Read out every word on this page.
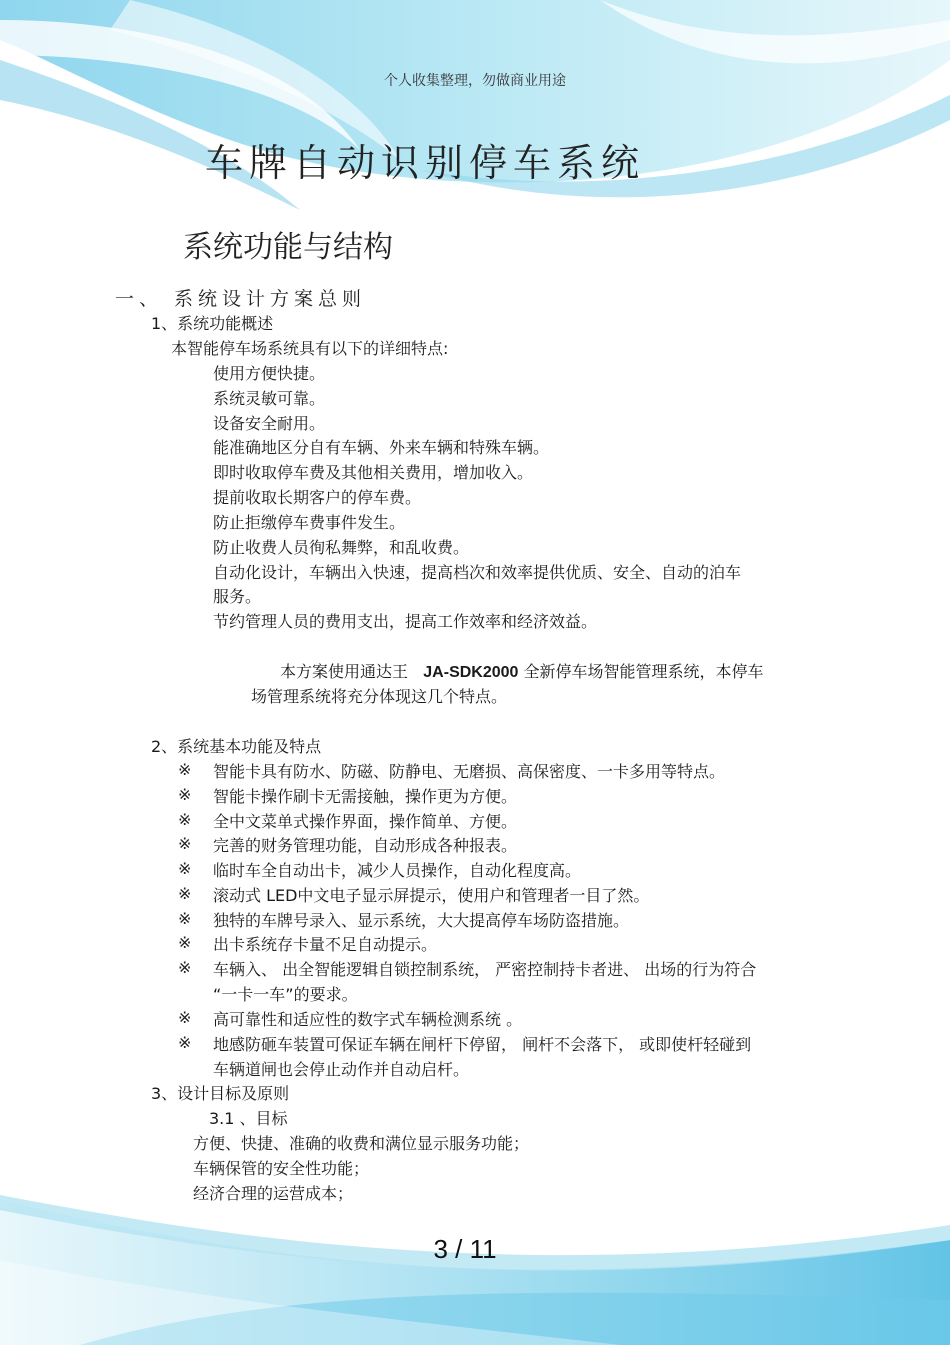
个人收集整理，勿做商业用途
车牌自动识别停车系统
系统功能与结构
一、 系统设计方案总则
1、系统功能概述
本智能停车场系统具有以下的详细特点:
使用方便快捷。
系统灵敏可靠。
设备安全耐用。
能准确地区分自有车辆、外来车辆和特殊车辆。
即时收取停车费及其他相关费用，增加收入。
提前收取长期客户的停车费。
防止拒缴停车费事件发生。
防止收费人员徇私舞弊，和乱收费。
自动化设计，车辆出入快速，提高档次和效率提供优质、安全、自动的泊车
服务。
节约管理人员的费用支出，提高工作效率和经济效益。
本方案使用通达王 JA-SDK2000 全新停车场智能管理系统，本停车
场管理系统将充分体现这几个特点。
2、系统基本功能及特点
※ 智能卡具有防水、防磁、防静电、无磨损、高保密度、一卡多用等特点。
※ 智能卡操作刷卡无需接触，操作更为方便。
※ 全中文菜单式操作界面，操作简单、方便。
※ 完善的财务管理功能，自动形成各种报表。
※ 临时车全自动出卡，减少人员操作，自动化程度高。
※ 滚动式 LED中文电子显示屏提示，使用户和管理者一目了然。
※ 独特的车牌号录入、显示系统，大大提高停车场防盗措施。
※ 出卡系统存卡量不足自动提示。
※ 车辆入、 出全智能逻辑自锁控制系统， 严密控制持卡者进、 出场的行为符合
“一卡一车”的要求。
※ 高可靠性和适应性的数字式车辆检测系统 。
※ 地感防砸车装置可保证车辆在闸杆下停留， 闸杆不会落下， 或即使杆轻碰到
车辆道闸也会停止动作并自动启杆。
3、设计目标及原则
3.1 、目标
方便、快捷、准确的收费和满位显示服务功能；
车辆保管的安全性功能；
经济合理的运营成本；
3 / 11
